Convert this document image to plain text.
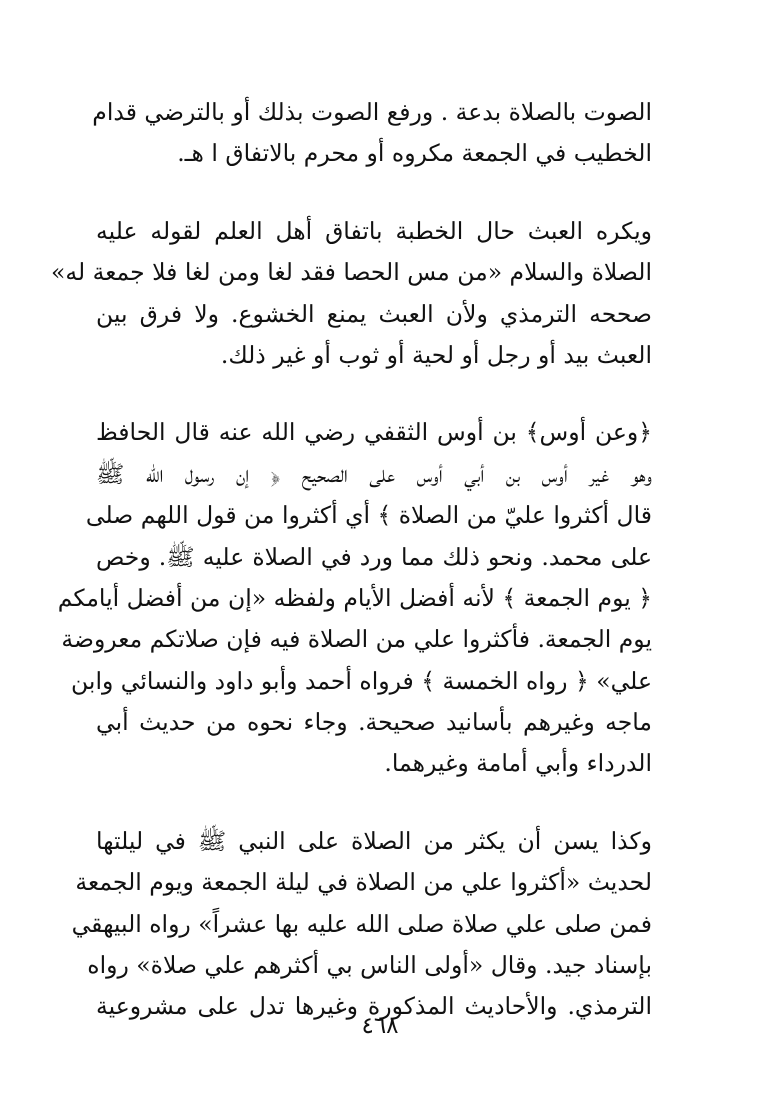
الصوت بالصلاة بدعة . ورفع الصوت بذلك أو بالترضي قدام
الخطيب في الجمعة مكروه أو محرم بالاتفاق ا هـ.
ويكره العبث حال الخطبة باتفاق أهل العلم لقوله عليه
الصلاة والسلام «من مس الحصا فقد لغا ومن لغا فلا جمعة له»
صححه الترمذي ولأن العبث يمنع الخشوع. ولا فرق بين
العبث بيد أو رجل أو لحية أو ثوب أو غير ذلك.
﴿وعن أوس﴾ بن أوس الثقفي رضي الله عنه قال الحافظ
وهو غير أوس بن أبي أوس على الصحيح ﴿ إن رسول الله ﷺ
قال أكثروا عليّ من الصلاة ﴾ أي أكثروا من قول اللهم صلى
على محمد. ونحو ذلك مما ورد في الصلاة عليه ﷺ. وخص
﴿ يوم الجمعة ﴾ لأنه أفضل الأيام ولفظه «إن من أفضل أيامكم
يوم الجمعة. فأكثروا علي من الصلاة فيه فإن صلاتكم معروضة
علي» ﴿ رواه الخمسة ﴾ فرواه أحمد وأبو داود والنسائي وابن
ماجه وغيرهم بأسانيد صحيحة. وجاء نحوه من حديث أبي
الدرداء وأبي أمامة وغيرهما.
وكذا يسن أن يكثر من الصلاة على النبي ﷺ في ليلتها
لحديث «أكثروا علي من الصلاة في ليلة الجمعة ويوم الجمعة
فمن صلى علي صلاة صلى الله عليه بها عشراً» رواه البيهقي
بإسناد جيد. وقال «أولى الناس بي أكثرهم علي صلاة» رواه
الترمذي. والأحاديث المذكورة وغيرها تدل على مشروعية
٤٦٨
